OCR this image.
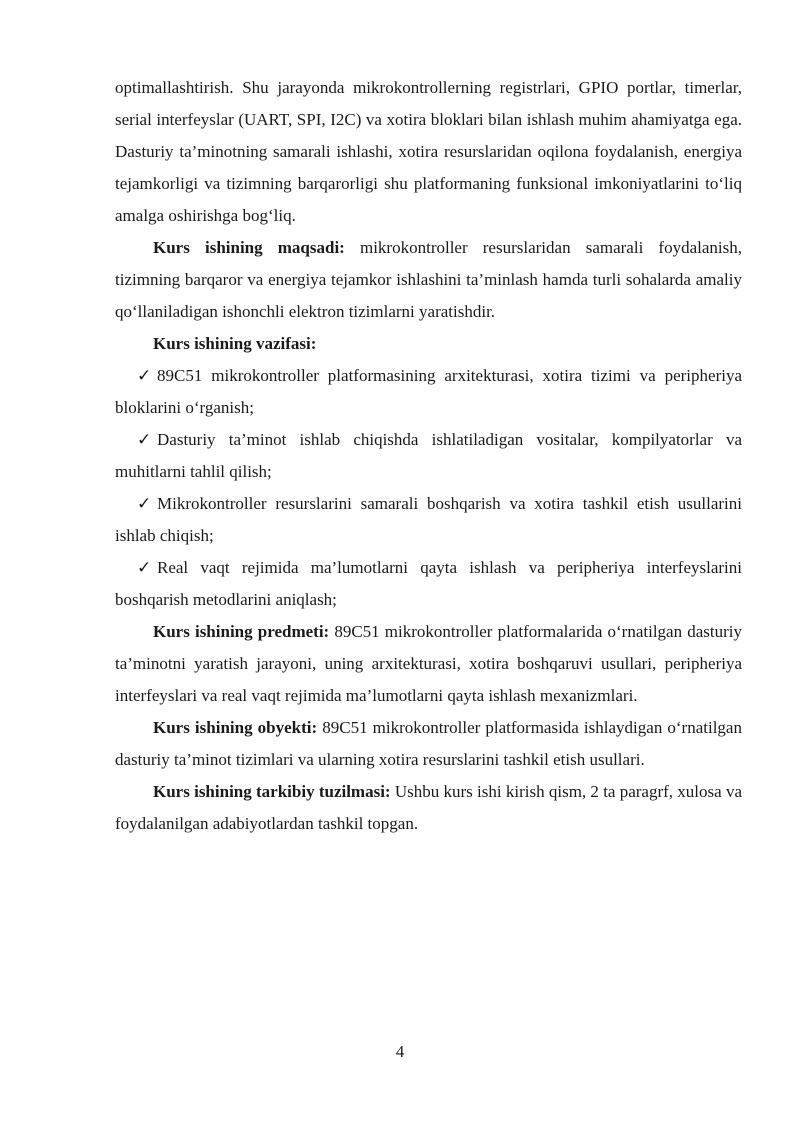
optimallashtirish. Shu jarayonda mikrokontrollerning registrlari, GPIO portlar, timerlar, serial interfeyslar (UART, SPI, I2C) va xotira bloklari bilan ishlash muhim ahamiyatga ega. Dasturiy ta’minotning samarali ishlashi, xotira resurslaridan oqilona foydalanish, energiya tejamkorligi va tizimning barqarorligi shu platformaning funksional imkoniyatlarini to‘liq amalga oshirishga bog‘liq.

Kurs ishining maqsadi: mikrokontroller resurslaridan samarali foydalanish, tizimning barqaror va energiya tejamkor ishlashini ta’minlash hamda turli sohalarda amaliy qo‘llaniladigan ishonchli elektron tizimlarni yaratishdir.

Kurs ishining vazifasi:

✓ 89C51 mikrokontroller platformasining arxitekturasi, xotira tizimi va peripheriya bloklarini o‘rganish;

✓ Dasturiy ta’minot ishlab chiqishda ishlatiladigan vositalar, kompilyatorlar va muhitlarni tahlil qilish;

✓ Mikrokontroller resurslarini samarali boshqarish va xotira tashkil etish usullarini ishlab chiqish;

✓ Real vaqt rejimida ma’lumotlarni qayta ishlash va peripheriya interfeyslarini boshqarish metodlarini aniqlash;

Kurs ishining predmeti: 89C51 mikrokontroller platformalarida o‘rnatilgan dasturiy ta’minotni yaratish jarayoni, uning arxitekturasi, xotira boshqaruvi usullari, peripheriya interfeyslari va real vaqt rejimida ma’lumotlarni qayta ishlash mexanizmlari.

Kurs ishining obyekti: 89C51 mikrokontroller platformasida ishlaydigan o‘rnatilgan dasturiy ta’minot tizimlari va ularning xotira resurslarini tashkil etish usullari.

Kurs ishining tarkibiy tuzilmasi: Ushbu kurs ishi kirish qism, 2 ta paragrf, xulosa va foydalanilgan adabiyotlardan tashkil topgan.

4
